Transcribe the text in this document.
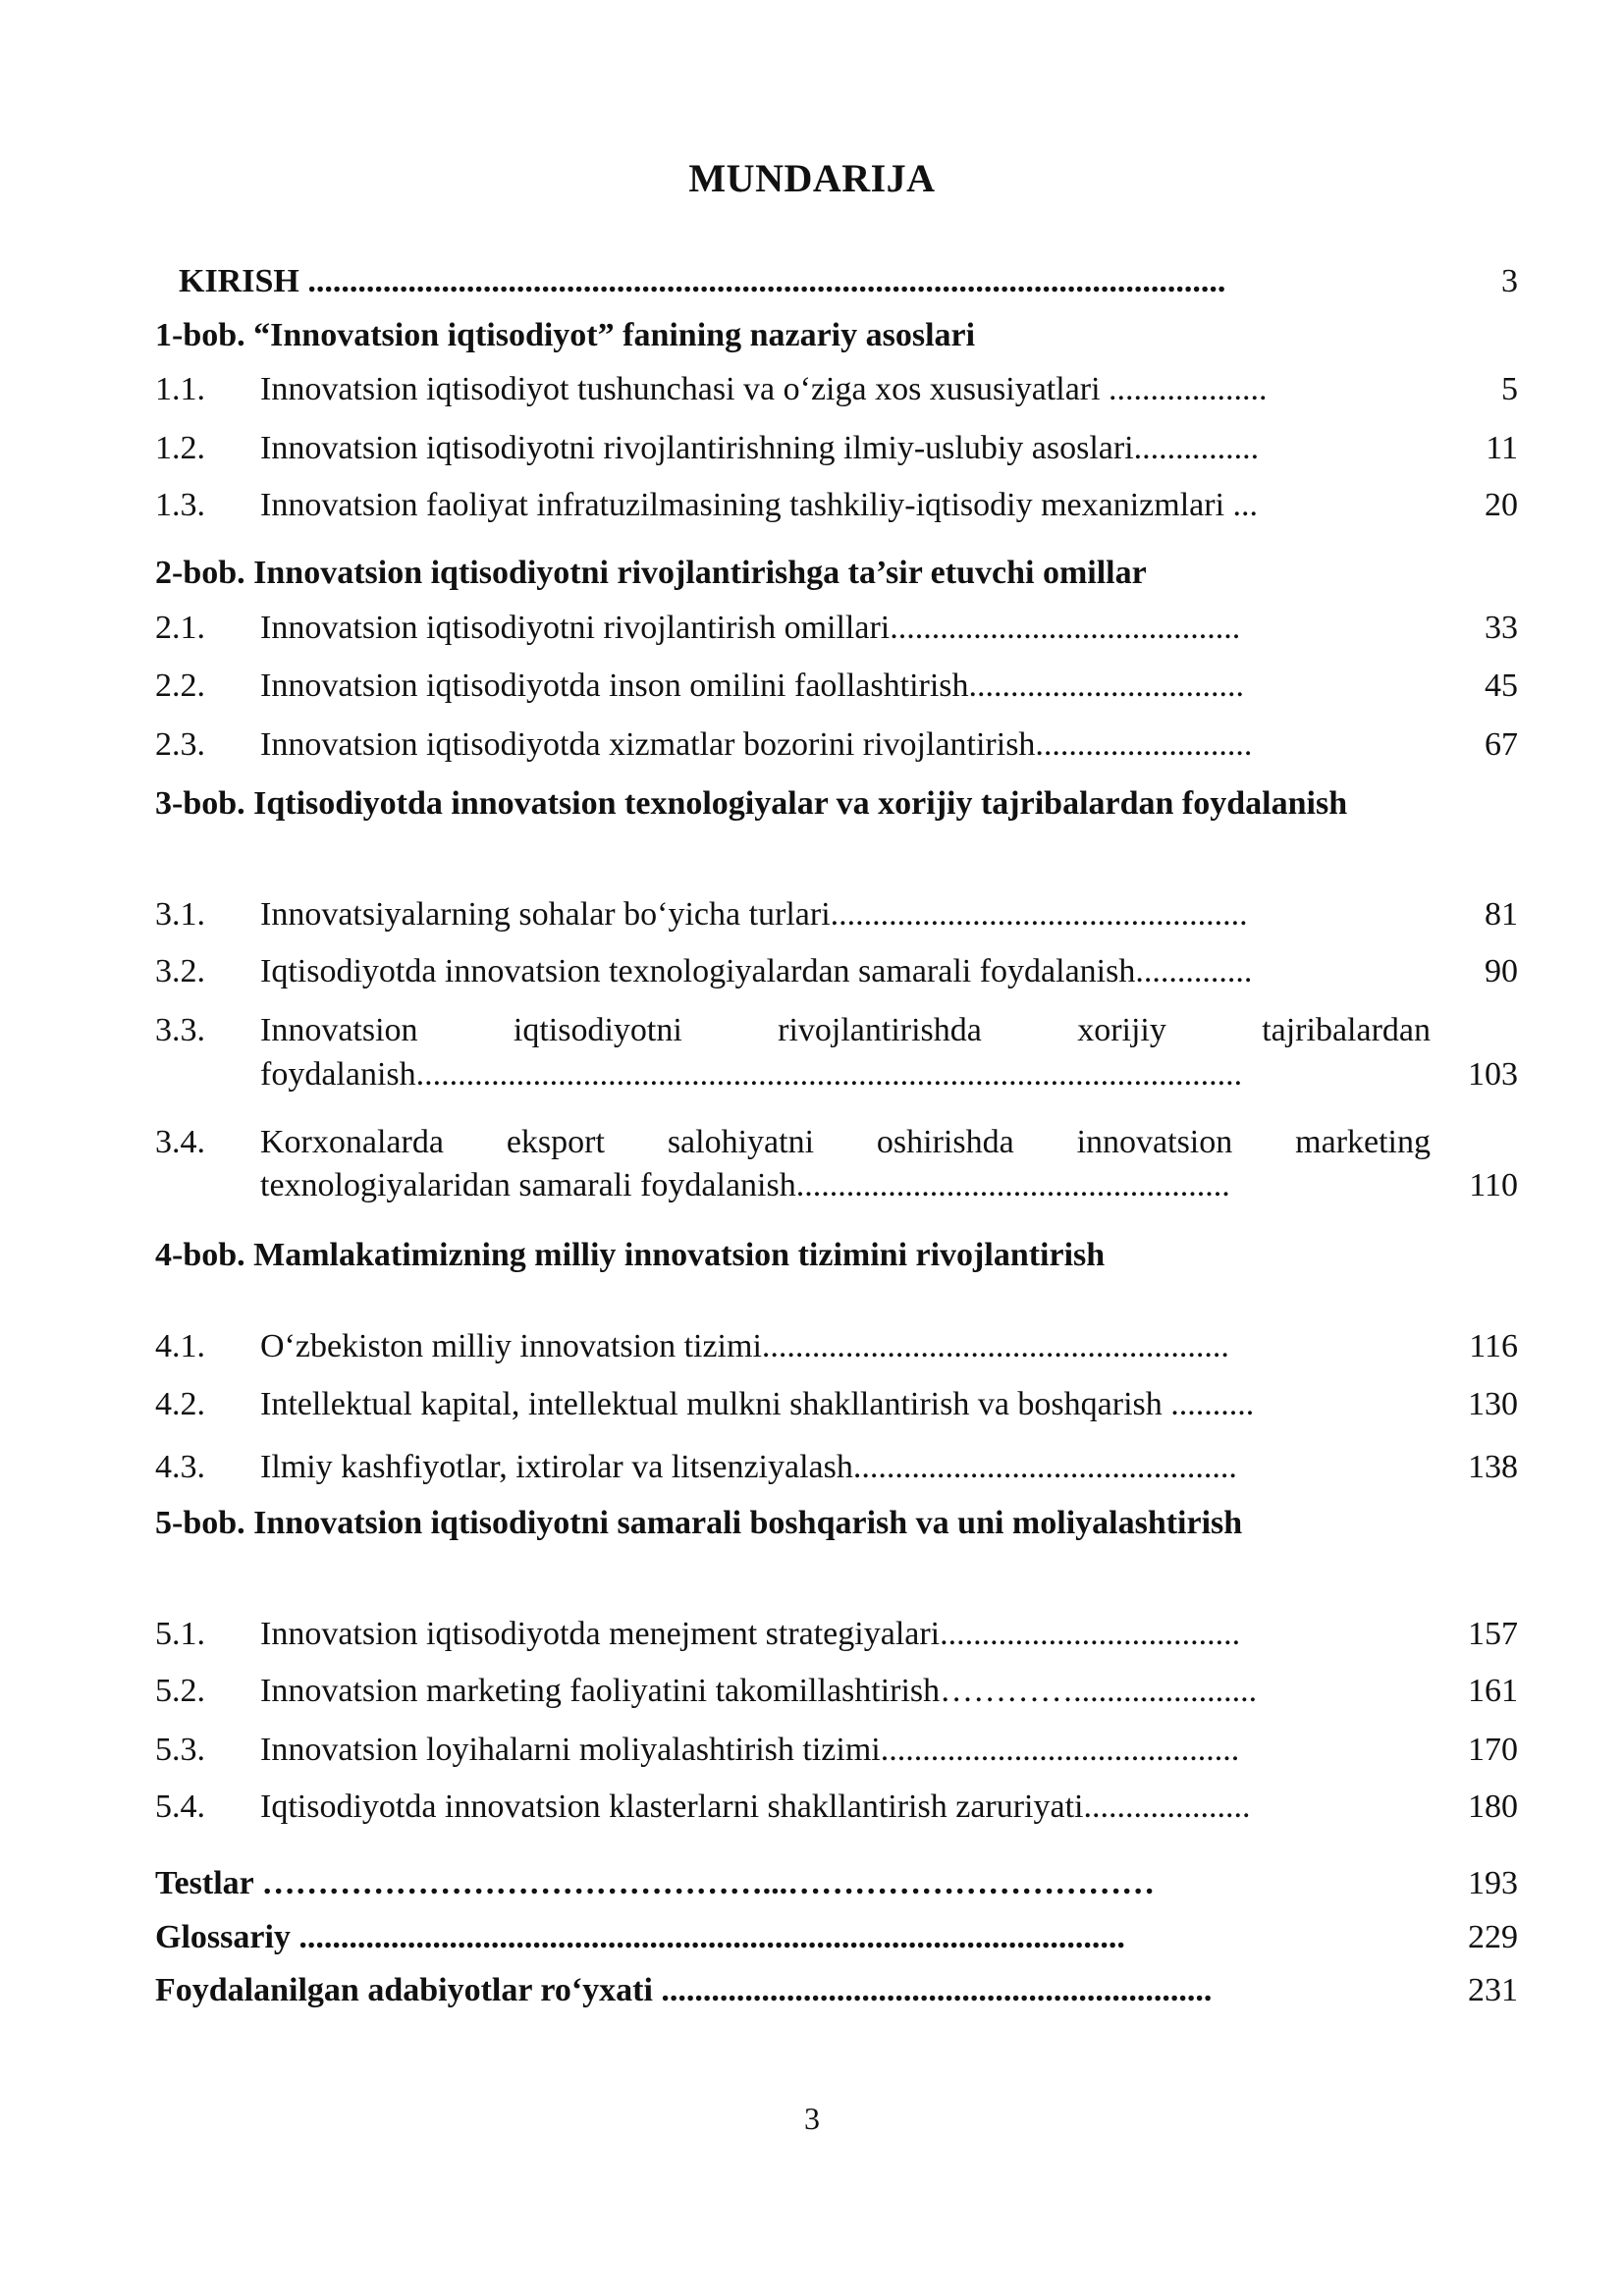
MUNDARIJA
KIRISH ..............................................................................................................	3
1-bob. “Innovatsion iqtisodiyot” fanining nazariy asoslari
1.1. Innovatsion iqtisodiyot tushunchasi va o‘ziga xos xususiyatlari ...................	5
1.2. Innovatsion iqtisodiyotni rivojlantirishning ilmiy-uslubiy asoslari...............	11
1.3. Innovatsion faoliyat infratuzilmasining tashkiliy-iqtisodiy mexanizmlari ...	20
2-bob. Innovatsion iqtisodiyotni rivojlantirishga ta’sir etuvchi omillar
2.1. Innovatsion iqtisodiyotni rivojlantirish omillari..........................................	33
2.2. Innovatsion iqtisodiyotda inson omilini faollashtirish.................................	45
2.3. Innovatsion iqtisodiyotda xizmatlar bozorini rivojlantirish..........................	67
3-bob. Iqtisodiyotda innovatsion texnologiyalar va xorijiy tajribalardan foydalanish
3.1. Innovatsiyalarning sohalar bo‘yicha turlari..................................................	81
3.2. Iqtisodiyotda innovatsion texnologiyalardan samarali foydalanish..............	90
3.3. Innovatsion iqtisodiyotni rivojlantirishda xorijiy tajribalardan
foydalanish...................................................................................................	103
3.4. Korxonalarda eksport salohiyatni oshirishda innovatsion marketing
texnologiyalaridan samarali foydalanish....................................................	110
4-bob. Mamlakatimizning milliy innovatsion tizimini rivojlantirish
4.1. O‘zbekiston milliy innovatsion tizimi........................................................	116
4.2. Intellektual kapital, intellektual mulkni shakllantirish va boshqarish ..........	130
4.3. Ilmiy kashfiyotlar, ixtirolar va litsenziyalash..............................................	138
5-bob. Innovatsion iqtisodiyotni samarali boshqarish va uni moliyalashtirish
5.1. Innovatsion iqtisodiyotda menejment strategiyalari....................................	157
5.2. Innovatsion marketing faoliyatini takomillashtirish…………......................	161
5.3. Innovatsion loyihalarni moliyalashtirish tizimi...........................................	170
5.4. Iqtisodiyotda innovatsion klasterlarni shakllantirish zaruriyati....................	180
Testlar ………………………………………...……………………………	193
Glossariy ...................................................................................................	229
Foydalanilgan adabiyotlar ro‘yxati ..................................................................	231
3
